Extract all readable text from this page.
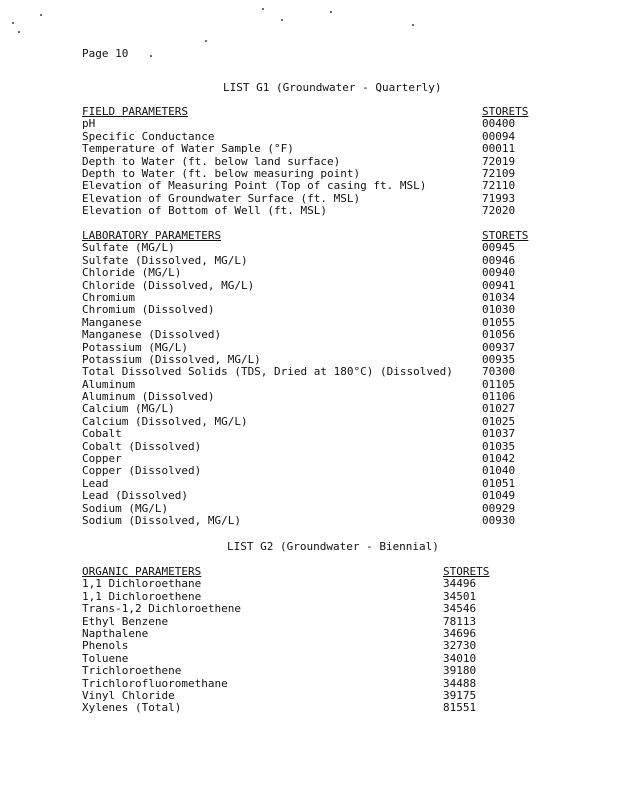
Page 10
LIST G1 (Groundwater - Quarterly)
FIELD PARAMETERS	STORETS
pH	00400
Specific Conductance	00094
Temperature of Water Sample (°F)	00011
Depth to Water (ft. below land surface)	72019
Depth to Water (ft. below measuring point)	72109
Elevation of Measuring Point (Top of casing ft. MSL)	72110
Elevation of Groundwater Surface (ft. MSL)	71993
Elevation of Bottom of Well (ft. MSL)	72020
LABORATORY PARAMETERS	STORETS
Sulfate (MG/L)	00945
Sulfate (Dissolved, MG/L)	00946
Chloride (MG/L)	00940
Chloride (Dissolved, MG/L)	00941
Chromium	01034
Chromium (Dissolved)	01030
Manganese	01055
Manganese (Dissolved)	01056
Potassium (MG/L)	00937
Potassium (Dissolved, MG/L)	00935
Total Dissolved Solids (TDS, Dried at 180°C) (Dissolved)	70300
Aluminum	01105
Aluminum (Dissolved)	01106
Calcium (MG/L)	01027
Calcium (Dissolved, MG/L)	01025
Cobalt	01037
Cobalt (Dissolved)	01035
Copper	01042
Copper (Dissolved)	01040
Lead	01051
Lead (Dissolved)	01049
Sodium (MG/L)	00929
Sodium (Dissolved, MG/L)	00930
LIST G2 (Groundwater - Biennial)
ORGANIC PARAMETERS	STORETS
1,1 Dichloroethane	34496
1,1 Dichloroethene	34501
Trans-1,2 Dichloroethene	34546
Ethyl Benzene	78113
Napthalene	34696
Phenols	32730
Toluene	34010
Trichloroethene	39180
Trichlorofluoromethane	34488
Vinyl Chloride	39175
Xylenes (Total)	81551
